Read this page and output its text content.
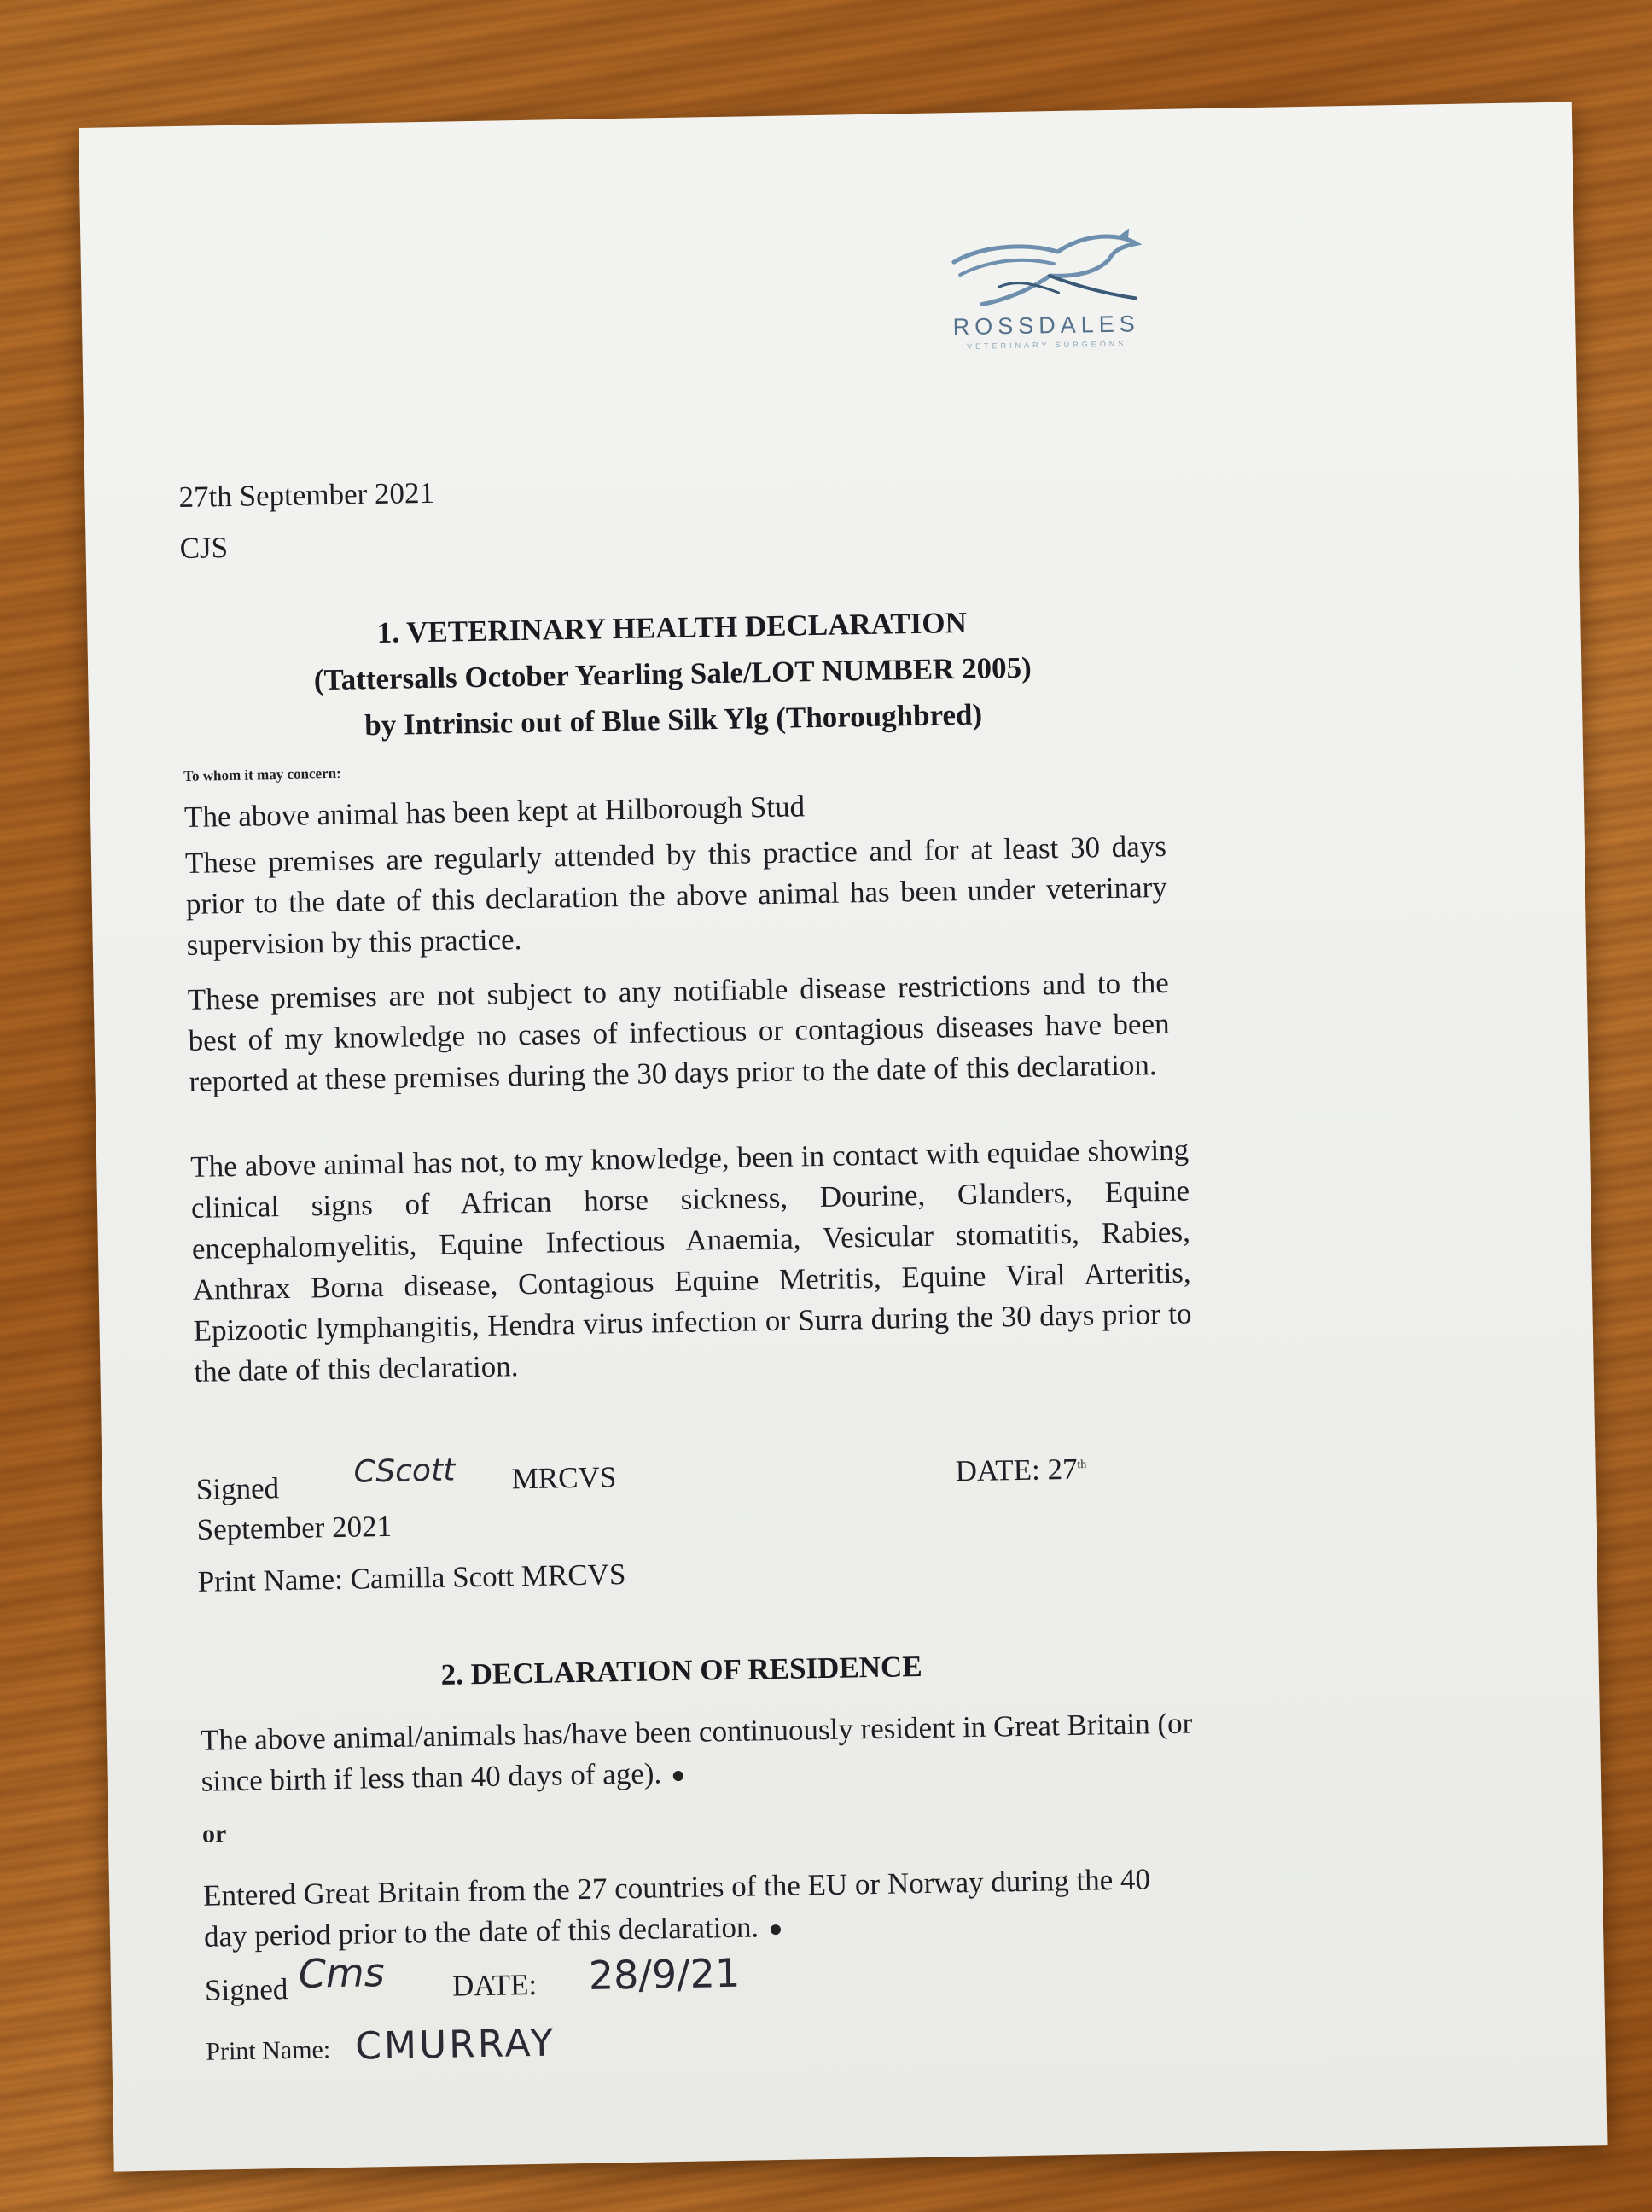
ROSSDALES
VETERINARY SURGEONS
27th September 2021
CJS
1. VETERINARY HEALTH DECLARATION
(Tattersalls October Yearling Sale/LOT NUMBER 2005)
by Intrinsic out of Blue Silk Ylg (Thoroughbred)
To whom it may concern:
The above animal has been kept at Hilborough Stud
These premises are regularly attended by this practice and for at least 30 days prior to the date of this declaration the above animal has been under veterinary supervision by this practice.
These premises are not subject to any notifiable disease restrictions and to the best of my knowledge no cases of infectious or contagious diseases have been reported at these premises during the 30 days prior to the date of this declaration.
The above animal has not, to my knowledge, been in contact with equidae showing clinical signs of African horse sickness, Dourine, Glanders, Equine encephalomyelitis, Equine Infectious Anaemia, Vesicular stomatitis, Rabies, Anthrax Borna disease, Contagious Equine Metritis, Equine Viral Arteritis, Epizootic lymphangitis, Hendra virus infection or Surra during the 30 days prior to the date of this declaration.
Signed CScott MRCVS	DATE: 27th
September 2021
Print Name: Camilla Scott MRCVS
2. DECLARATION OF RESIDENCE
The above animal/animals has/have been continuously resident in Great Britain (or since birth if less than 40 days of age).
or
Entered Great Britain from the 27 countries of the EU or Norway during the 40 day period prior to the date of this declaration.
Signed Cms DATE: 28/9/21
Print Name: CMURRAY
